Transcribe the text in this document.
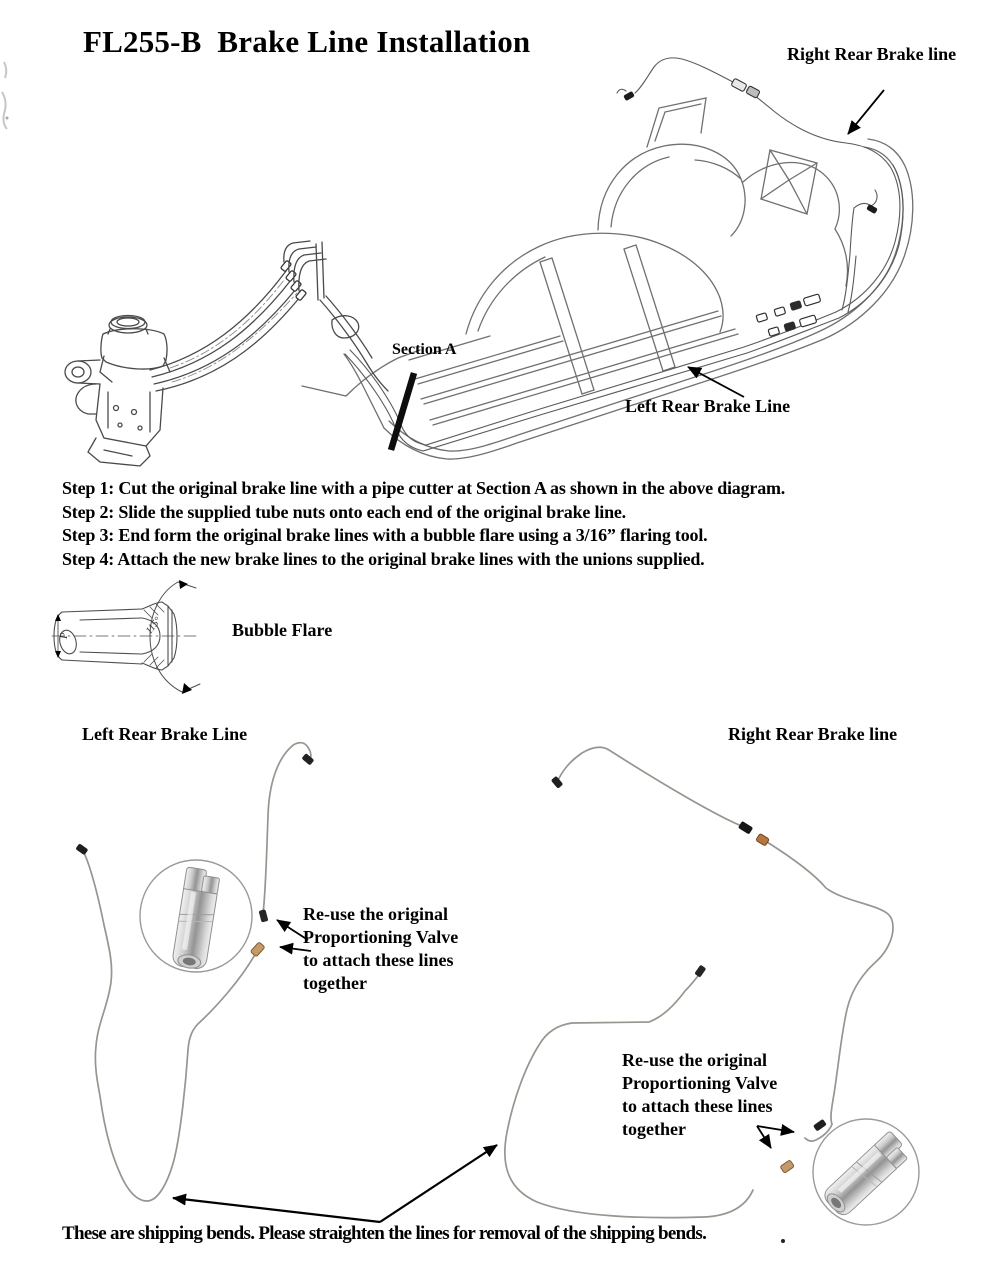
115°
P
FL255-B  Brake Line Installation	Right Rear Brake line
Section A
Left Rear Brake Line
Step 1: Cut the original brake line with a pipe cutter at Section A as shown in the above diagram.
Step 2: Slide the supplied tube nuts onto each end of the original brake line.
Step 3: End form the original brake lines with a bubble flare using a 3/16” flaring tool.
Step 4: Attach the new brake lines to the original brake lines with the unions supplied.
Bubble Flare
Left Rear Brake Line	Right Rear Brake line
Re-use the original
Proportioning Valve
to attach these lines
together
Re-use the original
Proportioning Valve
to attach these lines
together
These are shipping bends. Please straighten the lines for removal of the shipping bends.
